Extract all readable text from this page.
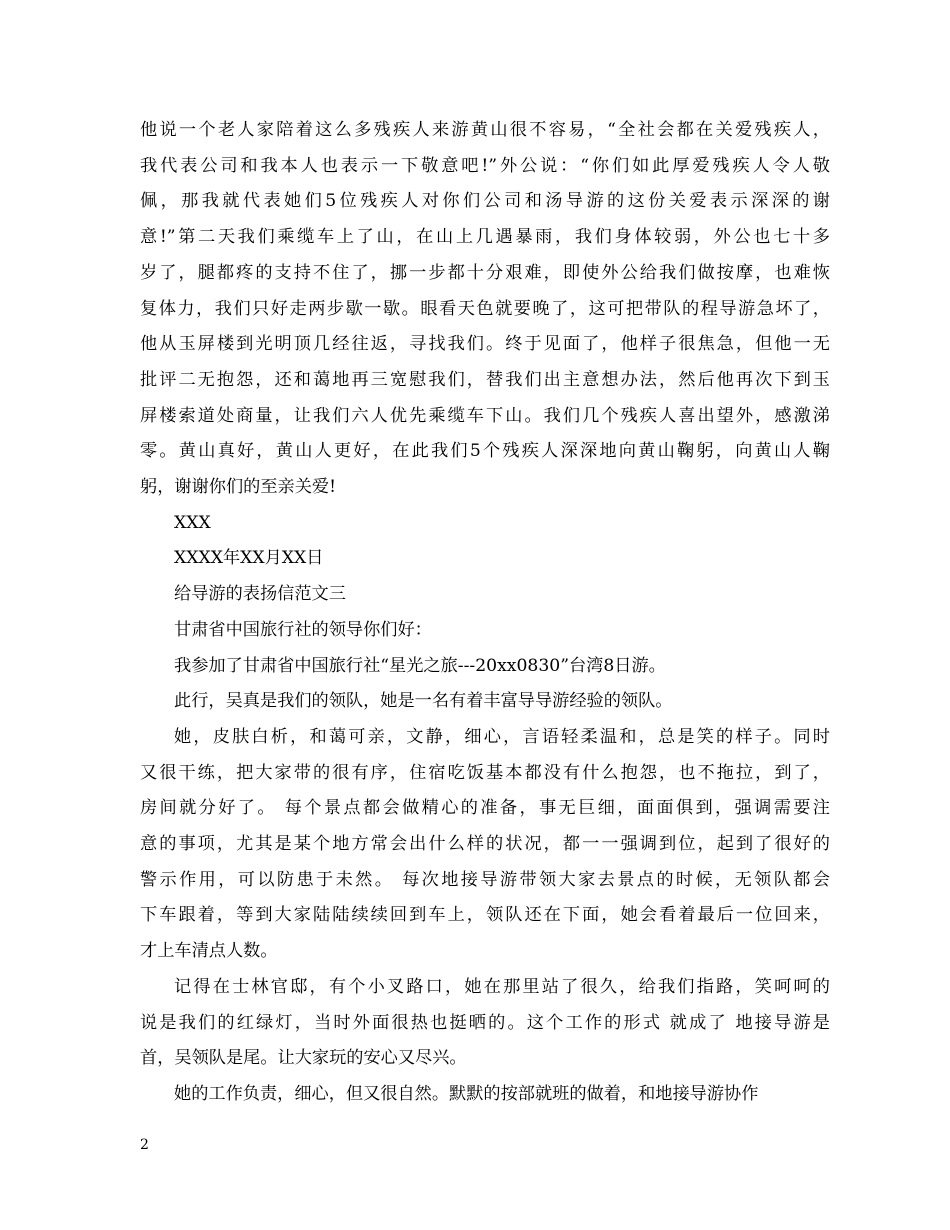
他说一个老人家陪着这么多残疾人来游黄山很不容易，“全社会都在关爱残疾人，
我代表公司和我本人也表示一下敬意吧!”外公说：“你们如此厚爱残疾人令人敬
佩，那我就代表她们5位残疾人对你们公司和汤导游的这份关爱表示深深的谢
意!”第二天我们乘缆车上了山，在山上几遇暴雨，我们身体较弱，外公也七十多
岁了，腿都疼的支持不住了，挪一步都十分艰难，即使外公给我们做按摩，也难恢
复体力，我们只好走两步歇一歇。眼看天色就要晚了，这可把带队的程导游急坏了，
他从玉屏楼到光明顶几经往返，寻找我们。终于见面了，他样子很焦急，但他一无
批评二无抱怨，还和蔼地再三宽慰我们，替我们出主意想办法，然后他再次下到玉
屏楼索道处商量，让我们六人优先乘缆车下山。我们几个残疾人喜出望外，感激涕
零。黄山真好，黄山人更好，在此我们5个残疾人深深地向黄山鞠躬，向黄山人鞠
躬，谢谢你们的至亲关爱!
XXX
XXXX年XX月XX日
给导游的表扬信范文三
甘肃省中国旅行社的领导你们好：
我参加了甘肃省中国旅行社“星光之旅---20xx0830”台湾8日游。
此行，吴真是我们的领队，她是一名有着丰富导导游经验的领队。
她，皮肤白析，和蔼可亲，文静，细心，言语轻柔温和，总是笑的样子。同时
又很干练，把大家带的很有序，住宿吃饭基本都没有什么抱怨，也不拖拉，到了，
房间就分好了。 每个景点都会做精心的准备，事无巨细，面面俱到，强调需要注
意的事项，尤其是某个地方常会出什么样的状况，都一一强调到位，起到了很好的
警示作用，可以防患于未然。 每次地接导游带领大家去景点的时候，无领队都会
下车跟着，等到大家陆陆续续回到车上，领队还在下面，她会看着最后一位回来，
才上车清点人数。
记得在士林官邸，有个小叉路口，她在那里站了很久，给我们指路，笑呵呵的
说是我们的红绿灯，当时外面很热也挺晒的。这个工作的形式 就成了 地接导游是
首，吴领队是尾。让大家玩的安心又尽兴。
她的工作负责，细心，但又很自然。默默的按部就班的做着，和地接导游协作
2
